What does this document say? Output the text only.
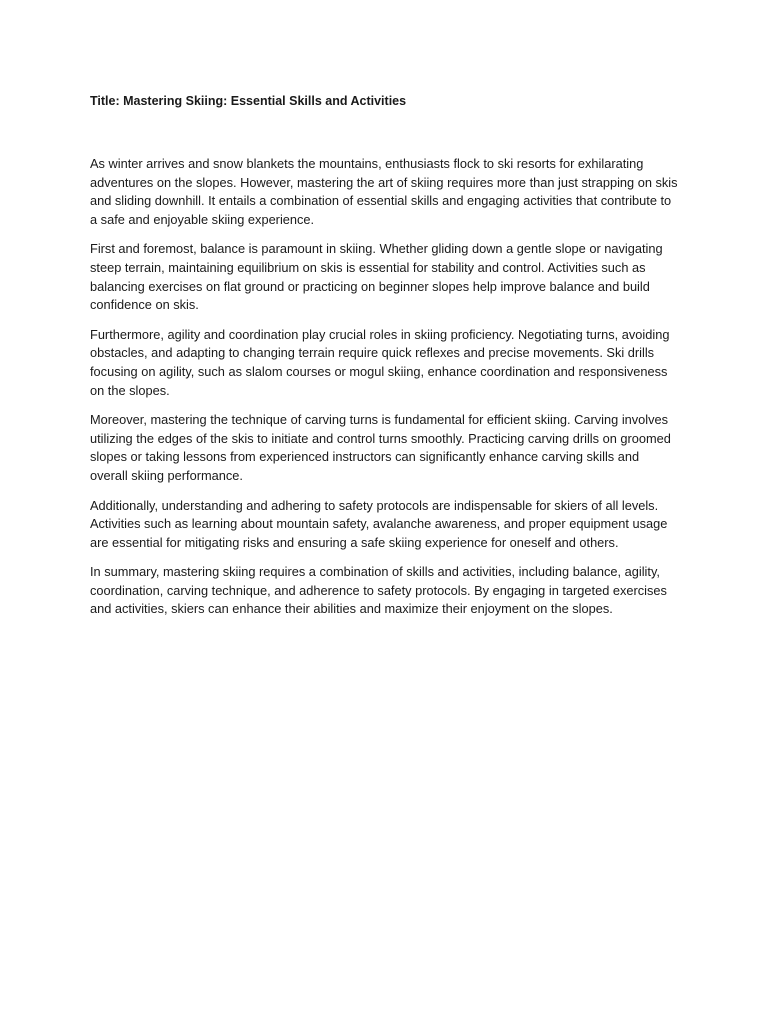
Title: Mastering Skiing: Essential Skills and Activities

As winter arrives and snow blankets the mountains, enthusiasts flock to ski resorts for exhilarating adventures on the slopes. However, mastering the art of skiing requires more than just strapping on skis and sliding downhill. It entails a combination of essential skills and engaging activities that contribute to a safe and enjoyable skiing experience.

First and foremost, balance is paramount in skiing. Whether gliding down a gentle slope or navigating steep terrain, maintaining equilibrium on skis is essential for stability and control. Activities such as balancing exercises on flat ground or practicing on beginner slopes help improve balance and build confidence on skis.

Furthermore, agility and coordination play crucial roles in skiing proficiency. Negotiating turns, avoiding obstacles, and adapting to changing terrain require quick reflexes and precise movements. Ski drills focusing on agility, such as slalom courses or mogul skiing, enhance coordination and responsiveness on the slopes.

Moreover, mastering the technique of carving turns is fundamental for efficient skiing. Carving involves utilizing the edges of the skis to initiate and control turns smoothly. Practicing carving drills on groomed slopes or taking lessons from experienced instructors can significantly enhance carving skills and overall skiing performance.

Additionally, understanding and adhering to safety protocols are indispensable for skiers of all levels. Activities such as learning about mountain safety, avalanche awareness, and proper equipment usage are essential for mitigating risks and ensuring a safe skiing experience for oneself and others.

In summary, mastering skiing requires a combination of skills and activities, including balance, agility, coordination, carving technique, and adherence to safety protocols. By engaging in targeted exercises and activities, skiers can enhance their abilities and maximize their enjoyment on the slopes.
